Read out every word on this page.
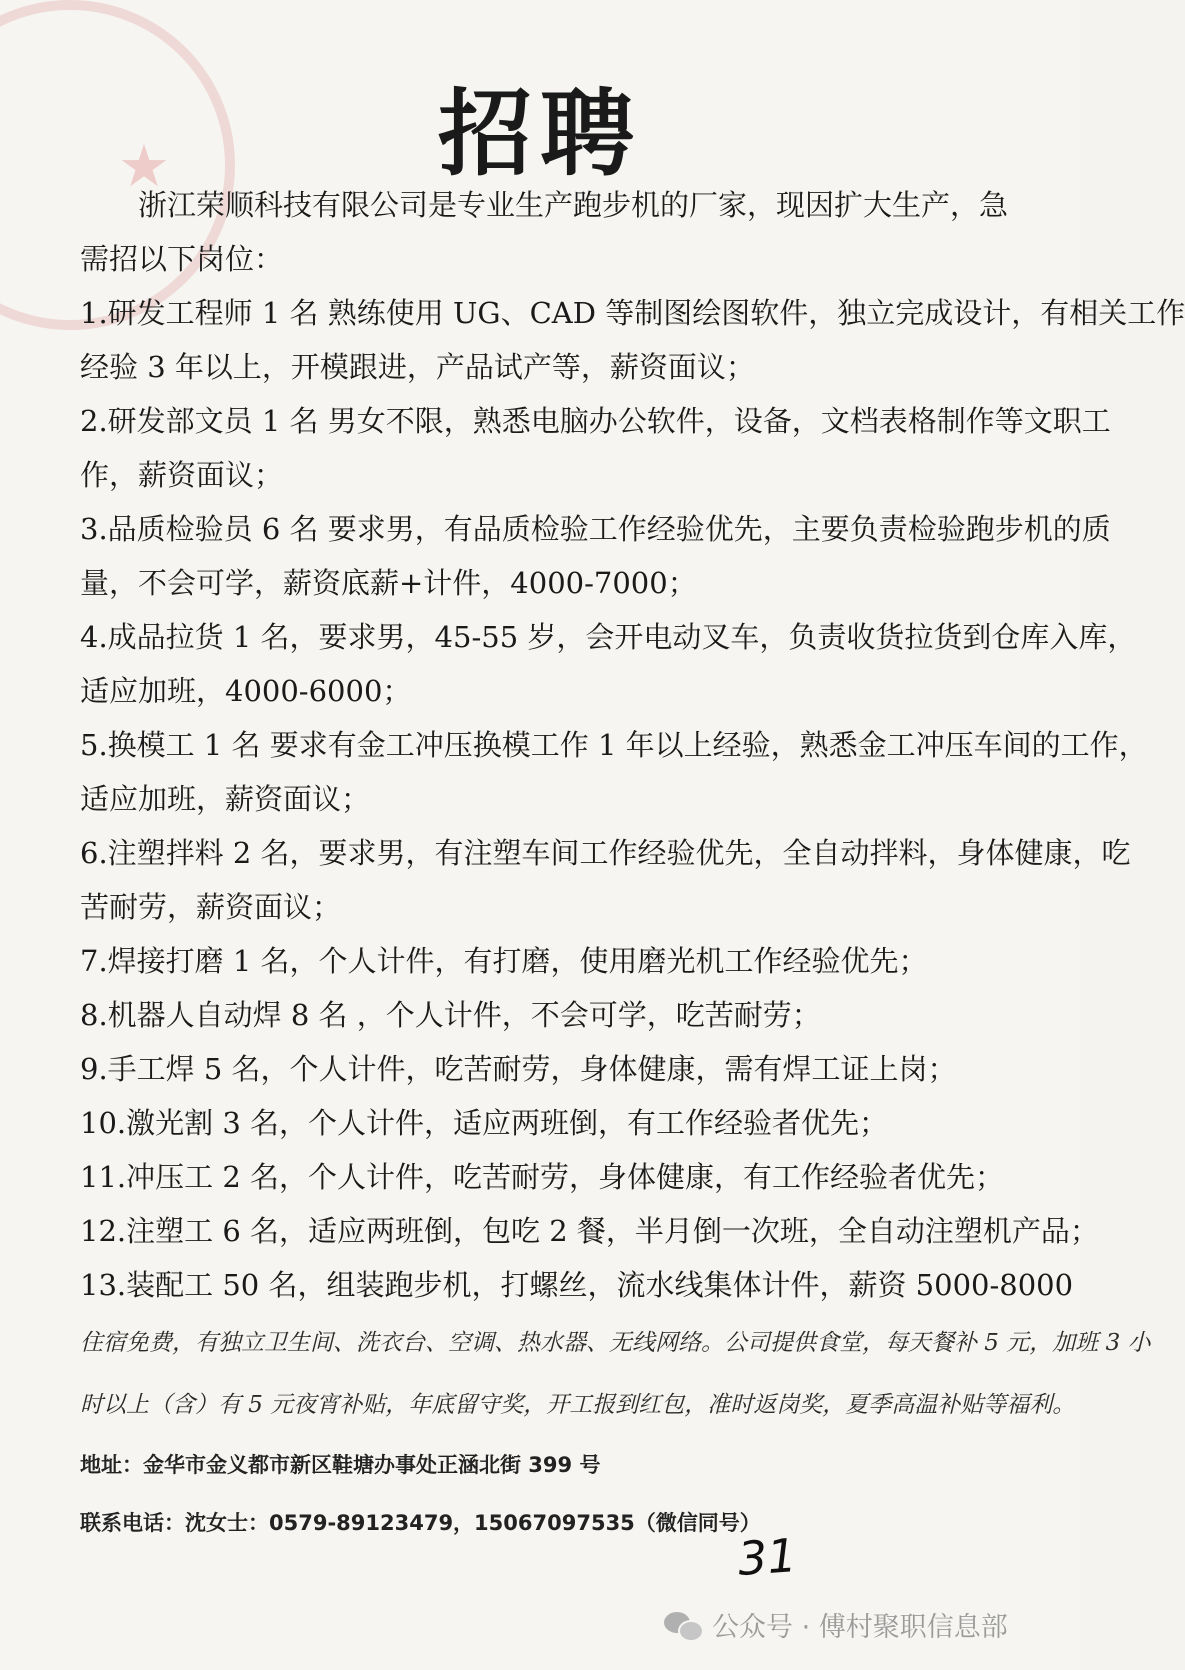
★	招聘
浙江荣顺科技有限公司是专业生产跑步机的厂家，现因扩大生产，急
需招以下岗位：
1.研发工程师 1 名 熟练使用 UG、CAD 等制图绘图软件，独立完成设计，有相关工作
经验 3 年以上，开模跟进，产品试产等，薪资面议；
2.研发部文员 1 名 男女不限，熟悉电脑办公软件，设备，文档表格制作等文职工
作，薪资面议；
3.品质检验员 6 名 要求男，有品质检验工作经验优先，主要负责检验跑步机的质
量，不会可学，薪资底薪+计件，4000-7000；
4.成品拉货 1 名，要求男，45-55 岁，会开电动叉车，负责收货拉货到仓库入库，
适应加班，4000-6000；
5.换模工 1 名 要求有金工冲压换模工作 1 年以上经验，熟悉金工冲压车间的工作，
适应加班，薪资面议；
6.注塑拌料 2 名，要求男，有注塑车间工作经验优先，全自动拌料，身体健康，吃
苦耐劳，薪资面议；
7.焊接打磨 1 名，个人计件，有打磨，使用磨光机工作经验优先；
8.机器人自动焊 8 名 ，个人计件，不会可学，吃苦耐劳；
9.手工焊 5 名，个人计件，吃苦耐劳，身体健康，需有焊工证上岗；
10.激光割 3 名，个人计件，适应两班倒，有工作经验者优先；
11.冲压工 2 名，个人计件，吃苦耐劳，身体健康，有工作经验者优先；
12.注塑工 6 名，适应两班倒，包吃 2 餐，半月倒一次班，全自动注塑机产品；
13.装配工 50 名，组装跑步机，打螺丝，流水线集体计件，薪资 5000-8000
住宿免费，有独立卫生间、洗衣台、空调、热水器、无线网络。公司提供食堂，每天餐补 5 元，加班 3 小
时以上（含）有 5 元夜宵补贴，年底留守奖，开工报到红包，准时返岗奖，夏季高温补贴等福利。
地址：金华市金义都市新区鞋塘办事处正涵北街 399 号
联系电话：沈女士：0579-89123479，15067097535（微信同号）
31
公众号 · 傅村聚职信息部
